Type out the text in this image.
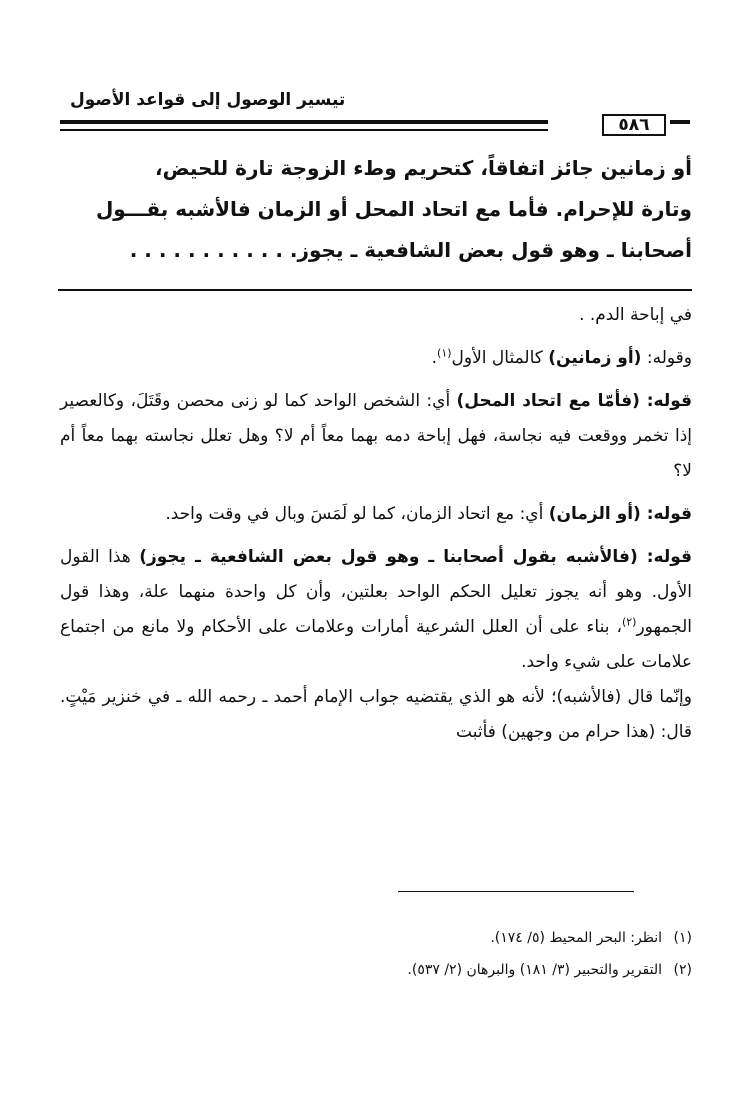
تيسير الوصول إلى قواعد الأصول
٥٨٦

أو زمانين جائز اتفاقاً، كتحريم وطء الزوجة تارة للحيض،

وتارة للإحرام. فأما مع اتحاد المحل أو الزمان فالأشبه بقـــول

أصحابنا ـ وهو قول بعض الشافعية ـ يجوز. . . . . . . . . . . .

في إباحة الدم. .

وقوله: (أو زمانين) كالمثال الأول$^{(١)}$.

قوله: (فأمّا مع اتحاد المحل) أي: الشخص الواحد كما لو زنى محصن وقَتَلَ، وكالعصير إذا تخمر ووقعت فيه نجاسة، فهل إباحة دمه بهما معاً أم لا؟ وهل تعلل نجاسته بهما معاً أم لا؟

قوله: (أو الزمان) أي: مع اتحاد الزمان، كما لو لَمَسَ وبال في وقت واحد.

قوله: (فالأشبه بقول أصحابنا ـ وهو قول بعض الشافعية ـ يجوز) هذا القول الأول. وهو أنه يجوز تعليل الحكم الواحد بعلتين، وأن كل واحدة منهما علة، وهذا قول الجمهور$^{(٢)}$، بناء على أن العلل الشرعية أمارات وعلامات على الأحكام ولا مانع من اجتماع علامات على شيء واحد.

وإنّما قال (فالأشبه)؛ لأنه هو الذي يقتضيه جواب الإمام أحمد ـ رحمه الله ـ في خنزير مَيْتٍ. قال: (هذا حرام من وجهين) فأثبت

(١)انظر: البحر المحيط (٥/ ١٧٤).
(٢)التقرير والتحبير (٣/ ١٨١) والبرهان (٢/ ٥٣٧).
